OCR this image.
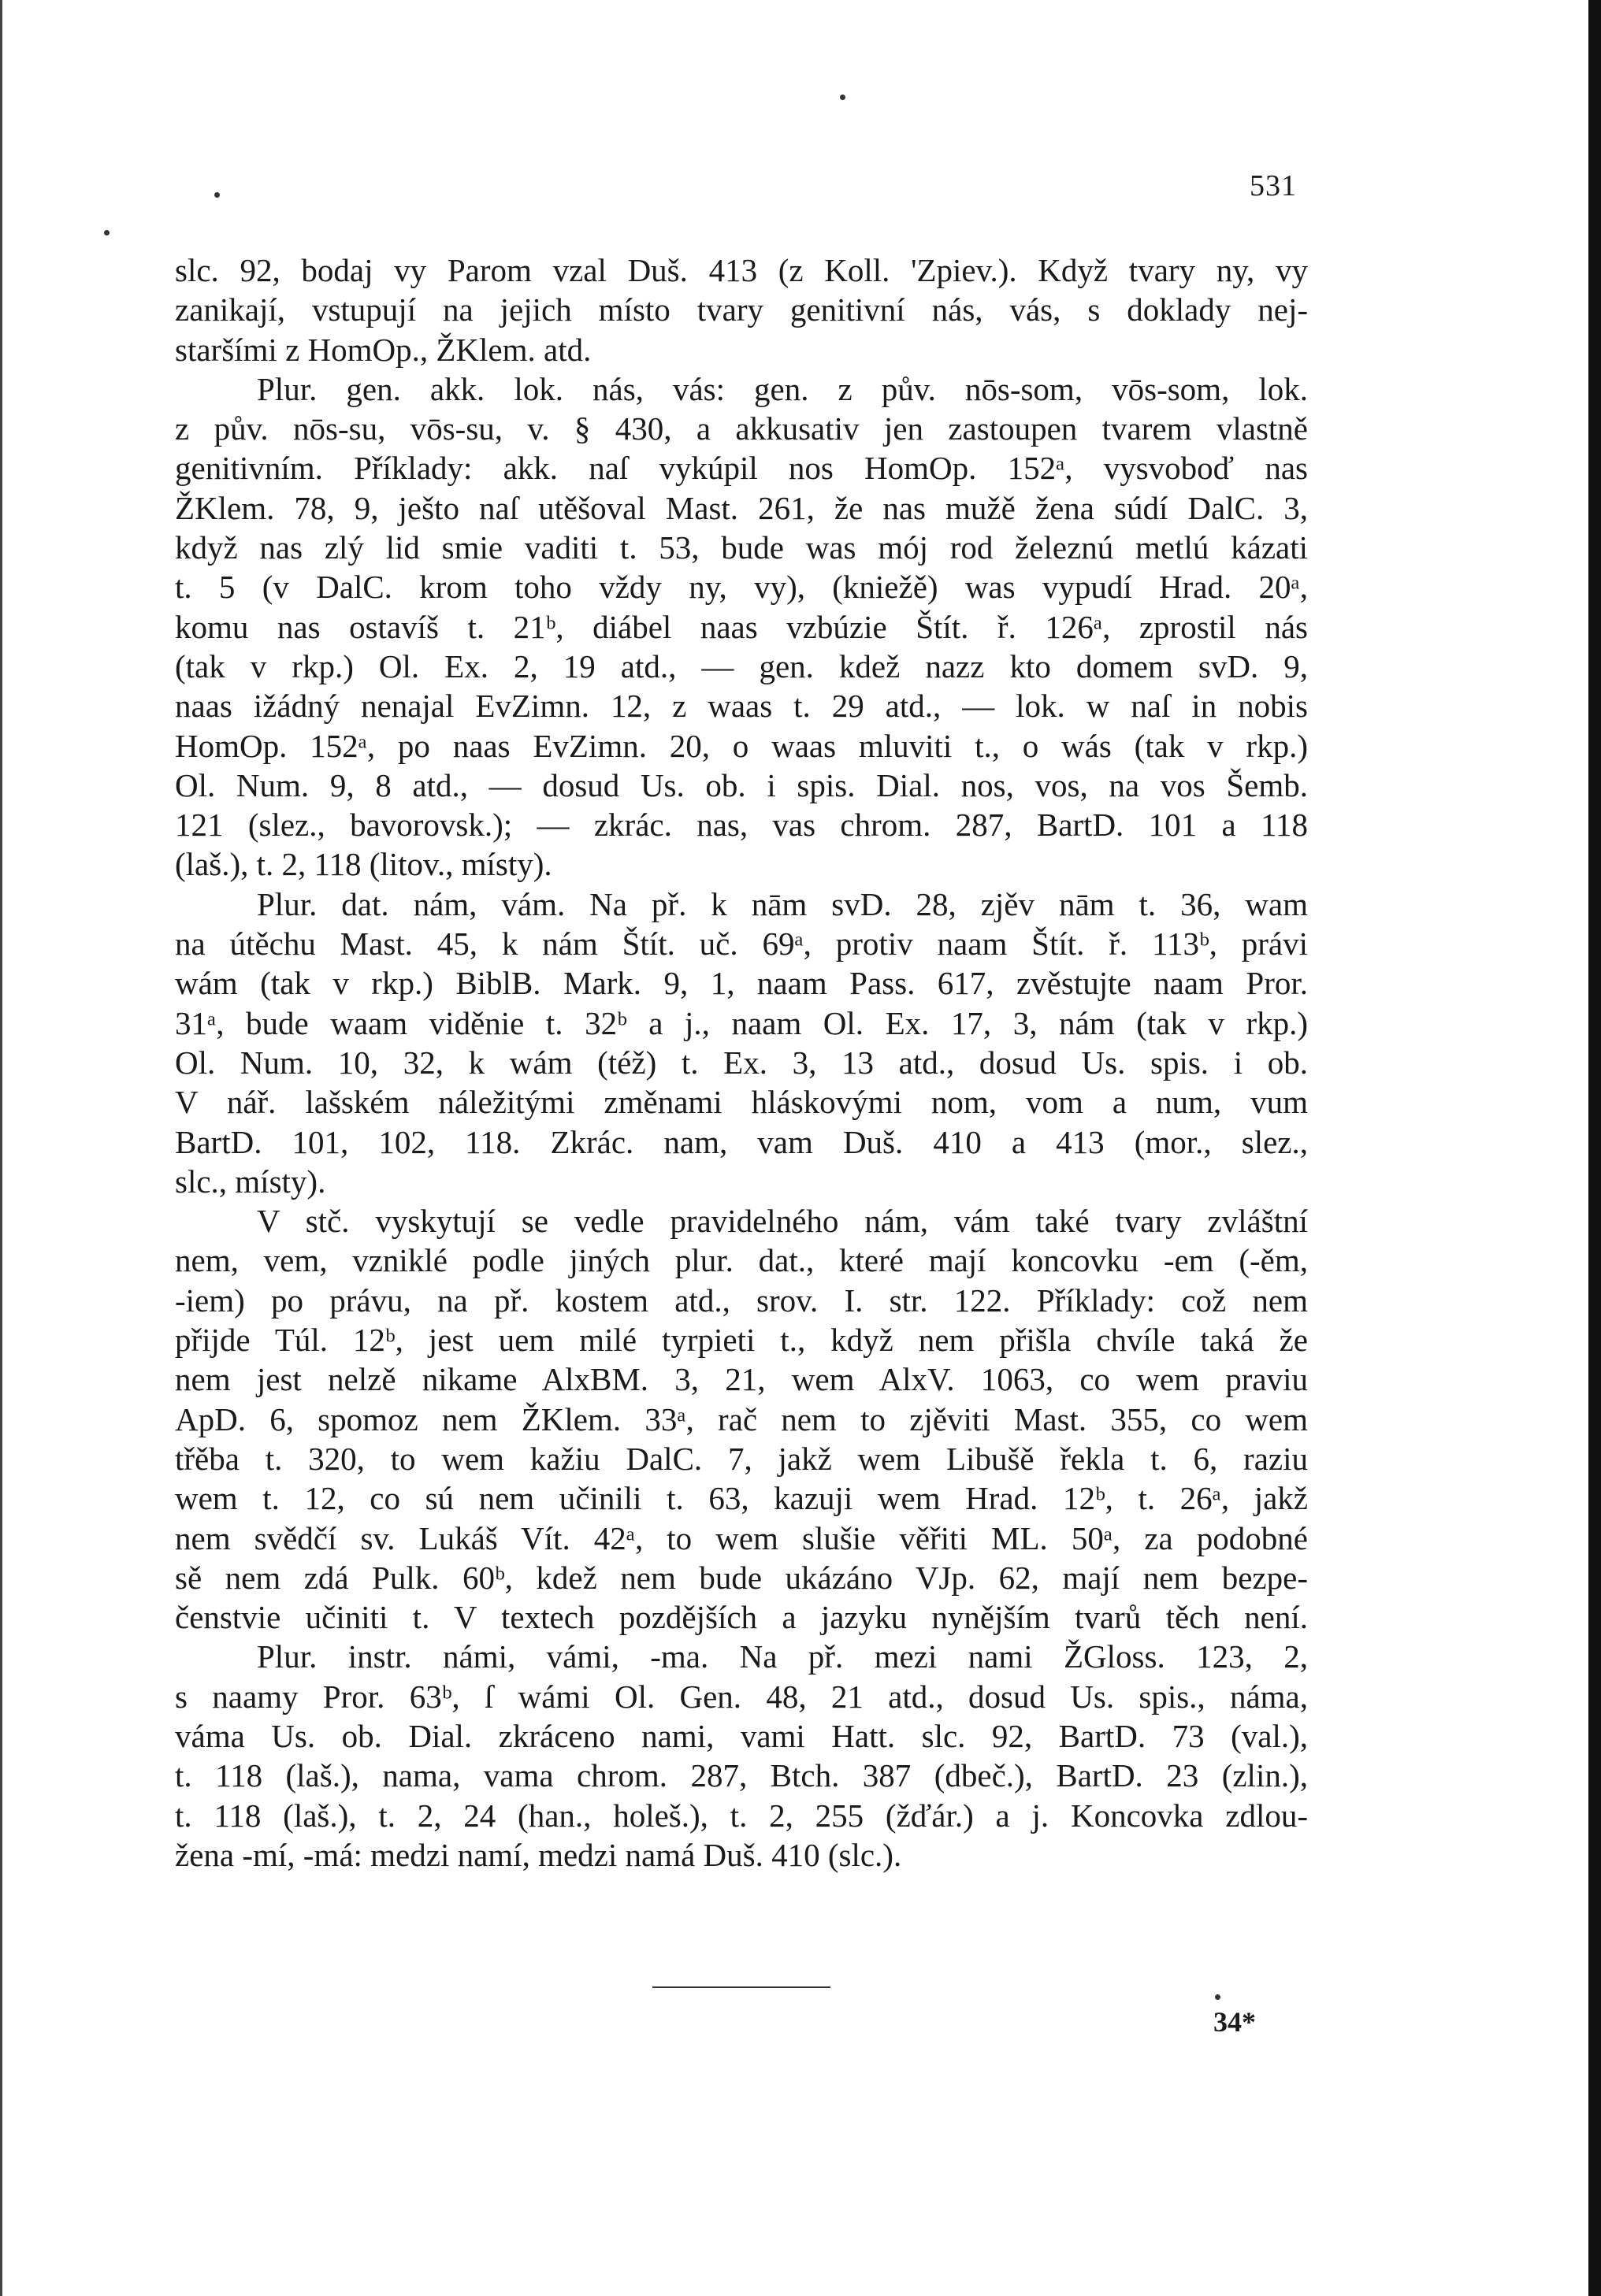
531

slc. 92, bodaj vy Parom vzal Duš. 413 (z Koll. 'Zpiev.). Když tvary ny, vy

zanikají, vstupují na jejich místo tvary genitivní nás, vás, s doklady nej-

staršími z HomOp., ŽKlem. atd.

Plur. gen. akk. lok. nás, vás: gen. z pův. nōs-som, vōs-som, lok.

z pův. nōs-su, vōs-su, v. § 430, a akkusativ jen zastoupen tvarem vlastně

genitivním. Příklady: akk. naſ vykúpil nos HomOp. 152ᵃ, vysvoboď nas

ŽKlem. 78, 9, ješto naſ utěšoval Mast. 261, že nas mužě žena súdí DalC. 3,

když nas zlý lid smie vaditi t. 53, bude was mój rod železnú metlú kázati

t. 5 (v DalC. krom toho vždy ny, vy), (kniežě) was vypudí Hrad. 20ᵃ,

komu nas ostavíš t. 21ᵇ, diábel naas vzbúzie Štít. ř. 126ᵃ, zprostil nás

(tak v rkp.) Ol. Ex. 2, 19 atd., — gen. kdež nazz kto domem svD. 9,

naas ižádný nenajal EvZimn. 12, z waas t. 29 atd., — lok. w naſ in nobis

HomOp. 152ᵃ, po naas EvZimn. 20, o waas mluviti t., o wás (tak v rkp.)

Ol. Num. 9, 8 atd., — dosud Us. ob. i spis. Dial. nos, vos, na vos Šemb.

121 (slez., bavorovsk.); — zkrác. nas, vas chrom. 287, BartD. 101 a 118

(laš.), t. 2, 118 (litov., místy).

Plur. dat. nám, vám. Na př. k nām svD. 28, zjěv nām t. 36, wam

na útěchu Mast. 45, k nám Štít. uč. 69ᵃ, protiv naam Štít. ř. 113ᵇ, právi

wám (tak v rkp.) BiblB. Mark. 9, 1, naam Pass. 617, zvěstujte naam Pror.

31ᵃ, bude waam viděnie t. 32ᵇ a j., naam Ol. Ex. 17, 3, nám (tak v rkp.)

Ol. Num. 10, 32, k wám (též) t. Ex. 3, 13 atd., dosud Us. spis. i ob.

V nář. lašském náležitými změnami hláskovými nom, vom a num, vum

BartD. 101, 102, 118. Zkrác. nam, vam Duš. 410 a 413 (mor., slez.,

slc., místy).

V stč. vyskytují se vedle pravidelného nám, vám také tvary zvláštní

nem, vem, vzniklé podle jiných plur. dat., které mají koncovku -em (-ěm,

-iem) po právu, na př. kostem atd., srov. I. str. 122. Příklady: což nem

přijde Túl. 12ᵇ, jest uem milé tyrpieti t., když nem přišla chvíle taká že

nem jest nelzě nikame AlxBM. 3, 21, wem AlxV. 1063, co wem praviu

ApD. 6, spomoz nem ŽKlem. 33ᵃ, rač nem to zjěviti Mast. 355, co wem

třěba t. 320, to wem kažiu DalC. 7, jakž wem Libušě řekla t. 6, raziu

wem t. 12, co sú nem učinili t. 63, kazuji wem Hrad. 12ᵇ, t. 26ᵃ, jakž

nem svědčí sv. Lukáš Vít. 42ᵃ, to wem slušie věřiti ML. 50ᵃ, za podobné

sě nem zdá Pulk. 60ᵇ, kdež nem bude ukázáno VJp. 62, mají nem bezpe-

čenstvie učiniti t. V textech pozdějších a jazyku nynějším tvarů těch není.

Plur. instr. námi, vámi, -ma. Na př. mezi nami ŽGloss. 123, 2,

s naamy Pror. 63ᵇ, ſ wámi Ol. Gen. 48, 21 atd., dosud Us. spis., náma,

váma Us. ob. Dial. zkráceno nami, vami Hatt. slc. 92, BartD. 73 (val.),

t. 118 (laš.), nama, vama chrom. 287, Btch. 387 (dbeč.), BartD. 23 (zlin.),

t. 118 (laš.), t. 2, 24 (han., holeš.), t. 2, 255 (žďár.) a j. Koncovka zdlou-

žena -mí, -má: medzi namí, medzi namá Duš. 410 (slc.).

34*
